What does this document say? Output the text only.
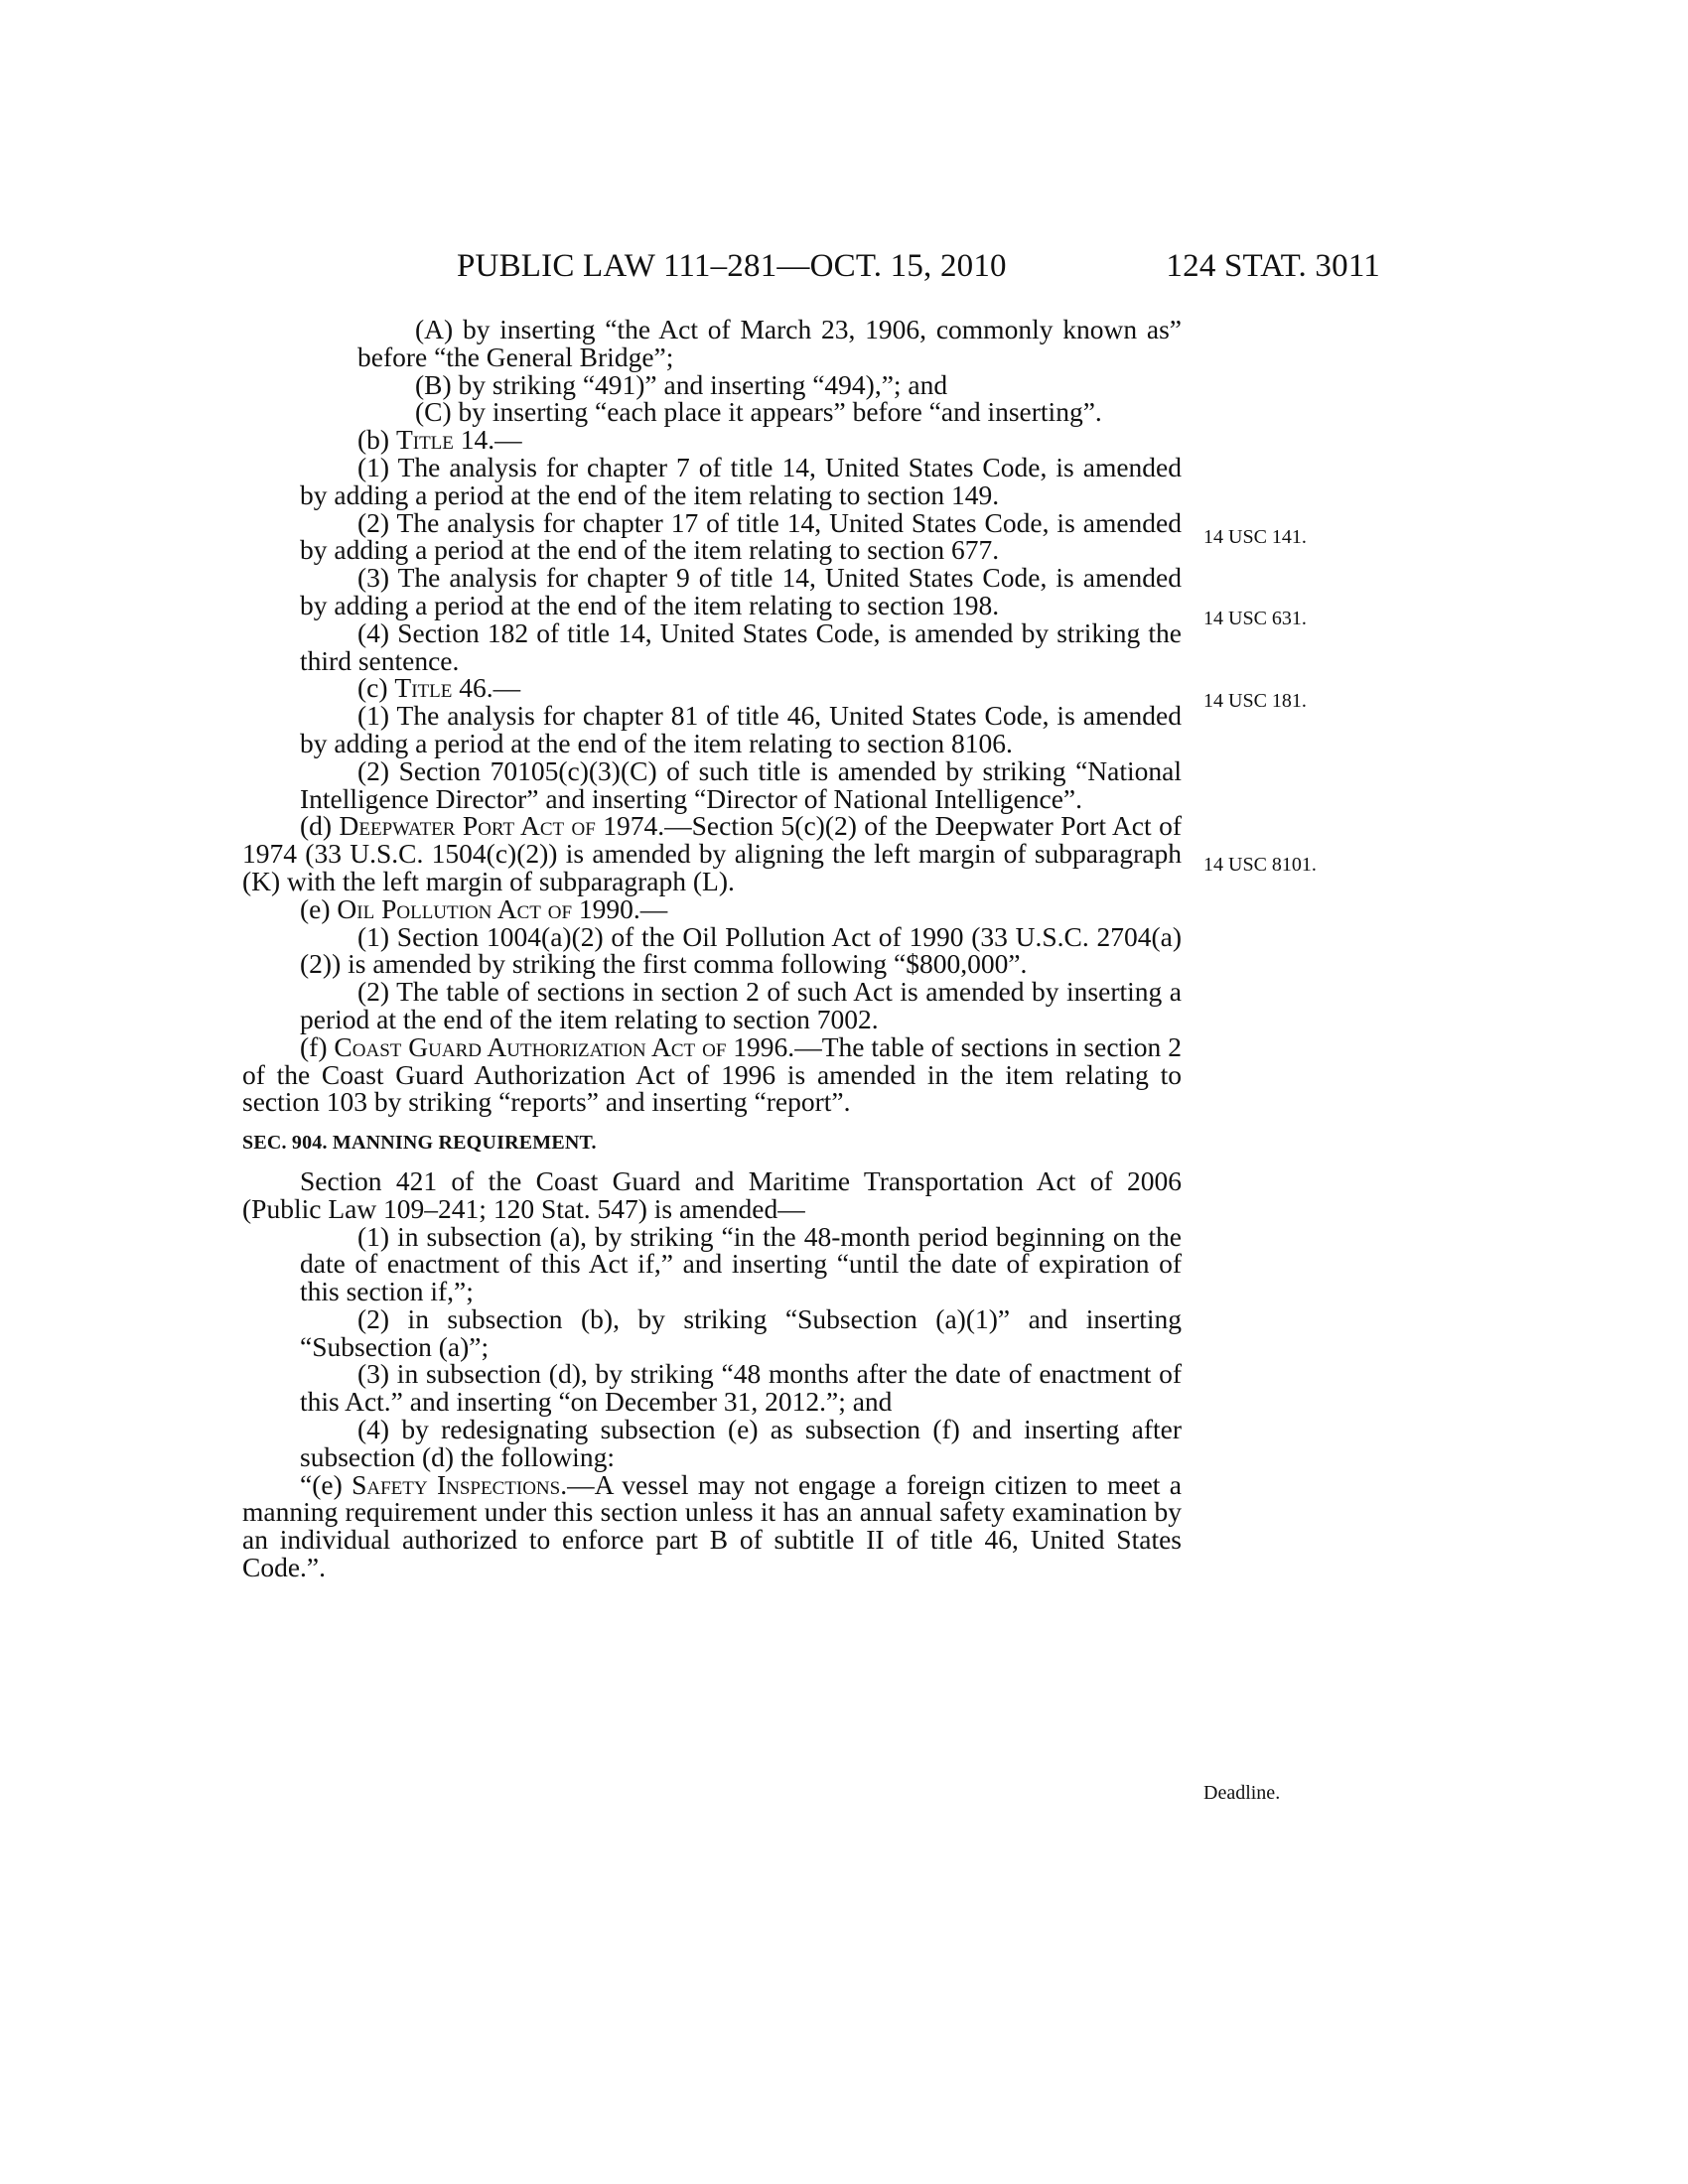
PUBLIC LAW 111–281—OCT. 15, 2010	124 STAT. 3011

(A) by inserting “the Act of March 23, 1906, commonly known as” before “the General Bridge”;

(B) by striking “491)” and inserting “494),”; and

(C) by inserting “each place it appears” before “and inserting”.

(b) Title 14.—

(1) The analysis for chapter 7 of title 14, United States Code, is amended by adding a period at the end of the item relating to section 149.

(2) The analysis for chapter 17 of title 14, United States Code, is amended by adding a period at the end of the item relating to section 677.

(3) The analysis for chapter 9 of title 14, United States Code, is amended by adding a period at the end of the item relating to section 198.

(4) Section 182 of title 14, United States Code, is amended by striking the third sentence.

(c) Title 46.—

(1) The analysis for chapter 81 of title 46, United States Code, is amended by adding a period at the end of the item relating to section 8106.

(2) Section 70105(c)(3)(C) of such title is amended by striking “National Intelligence Director” and inserting “Director of National Intelligence”.

(d) Deepwater Port Act of 1974.—Section 5(c)(2) of the Deepwater Port Act of 1974 (33 U.S.C. 1504(c)(2)) is amended by aligning the left margin of subparagraph (K) with the left margin of subparagraph (L).

(e) Oil Pollution Act of 1990.—

(1) Section 1004(a)(2) of the Oil Pollution Act of 1990 (33 U.S.C. 2704(a)(2)) is amended by striking the first comma following “$800,000”.

(2) The table of sections in section 2 of such Act is amended by inserting a period at the end of the item relating to section 7002.

(f) Coast Guard Authorization Act of 1996.—The table of sections in section 2 of the Coast Guard Authorization Act of 1996 is amended in the item relating to section 103 by striking “reports” and inserting “report”.

SEC. 904. MANNING REQUIREMENT.

Section 421 of the Coast Guard and Maritime Transportation Act of 2006 (Public Law 109–241; 120 Stat. 547) is amended—

(1) in subsection (a), by striking “in the 48-month period beginning on the date of enactment of this Act if,” and inserting “until the date of expiration of this section if,”;

(2) in subsection (b), by striking “Subsection (a)(1)” and inserting “Subsection (a)”;

(3) in subsection (d), by striking “48 months after the date of enactment of this Act.” and inserting “on December 31, 2012.”; and

(4) by redesignating subsection (e) as subsection (f) and inserting after subsection (d) the following:

“(e) Safety Inspections.—A vessel may not engage a foreign citizen to meet a manning requirement under this section unless it has an annual safety examination by an individual authorized to enforce part B of subtitle II of title 46, United States Code.”.

14 USC 141.
14 USC 631.
14 USC 181.
14 USC 8101.
Deadline.
